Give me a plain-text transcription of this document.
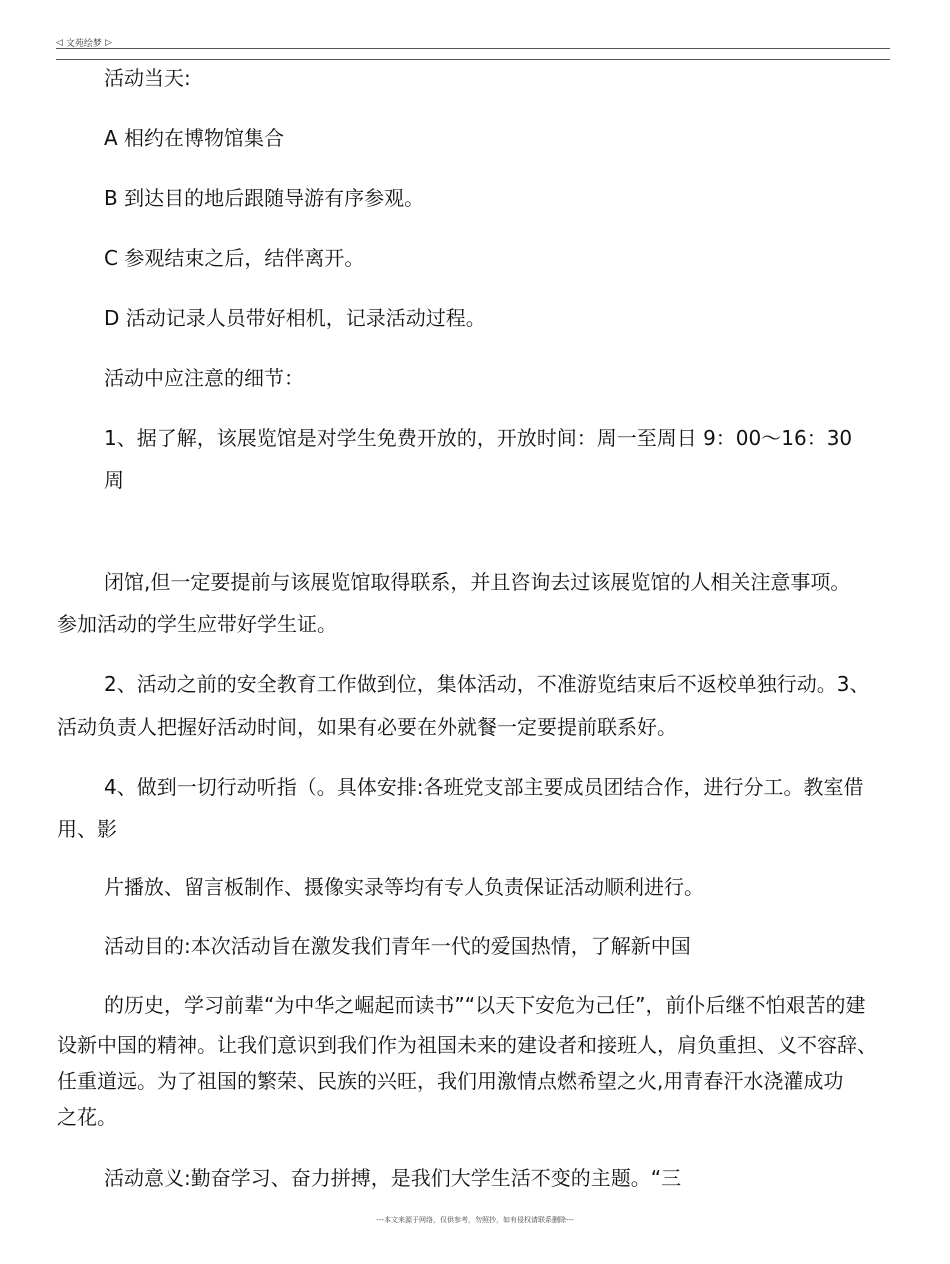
◁ 文苑绘梦 ▷
活动当天:
A 相约在博物馆集合
B 到达目的地后跟随导游有序参观。
C 参观结束之后，结伴离开。
D 活动记录人员带好相机，记录活动过程。
活动中应注意的细节：
1、据了解，该展览馆是对学生免费开放的，开放时间：周一至周日 9：00〜16：30
周
闭馆,但一定要提前与该展览馆取得联系，并且咨询去过该展览馆的人相关注意事项。
参加活动的学生应带好学生证。
2、活动之前的安全教育工作做到位，集体活动，不准游览结束后不返校单独行动。3、
活动负责人把握好活动时间，如果有必要在外就餐一定要提前联系好。
4、做到一切行动听指（。具体安排:各班党支部主要成员团结合作，进行分工。教室借
用、影
片播放、留言板制作、摄像实录等均有专人负责保证活动顺利进行。
活动目的:本次活动旨在激发我们青年一代的爱国热情，了解新中国
的历史，学习前辈“为中华之崛起而读书”“以天下安危为己任”，前仆后继不怕艰苦的建
设新中国的精神。让我们意识到我们作为祖国未来的建设者和接班人，肩负重担、义不容辞、
任重道远。为了祖国的繁荣、民族的兴旺，我们用激情点燃希望之火,用青春汗水浇灌成功
之花。
活动意义:勤奋学习、奋力拼搏，是我们大学生活不变的主题。“三
---本文来源于网络，仅供参考，勿照抄，如有侵权请联系删除---
